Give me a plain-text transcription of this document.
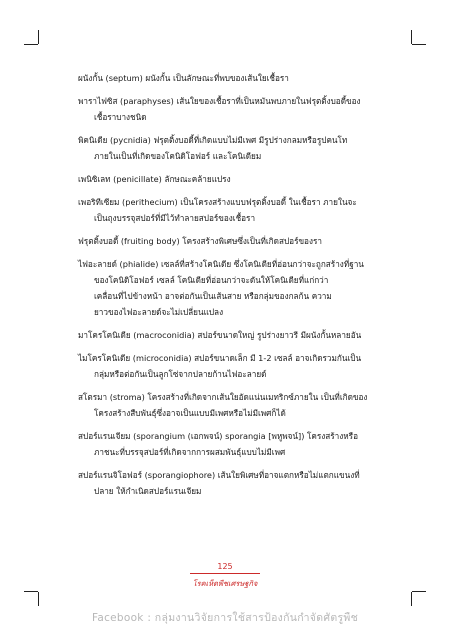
ผนังกั้น (septum) ผนังกั้น เป็นลักษณะที่พบของเส้นใยเชื้อรา
พาราไฟซิส (paraphyses) เส้นใยของเชื้อราที่เป็นหมันพบภายในฟรุตติ้งบอดี้ของ
เชื้อราบางชนิด
พิคนิเดีย (pycnidia) ฟรุตติ้งบอดี้ที่เกิดแบบไม่มีเพศ มีรูปร่างกลมหรือรูปคนโท
ภายในเป็นที่เกิดของโคนิดิโอฟอร์ และโคนิเดียม
เพนิซิเลท (penicillate) ลักษณะคล้ายแปรง
เพอริทีเซียม (perithecium) เป็นโครงสร้างแบบฟรุตติ้งบอดี้ ในเชื้อรา ภายในจะ
เป็นถุงบรรจุสปอร์ที่มีไว้ทำลายสปอร์ของเชื้อรา
ฟรุตติ้งบอดี้ (fruiting body) โครงสร้างพิเศษซึ่งเป็นที่เกิดสปอร์ของรา
ไฟอะลายด์ (phialide) เซลล์ที่สร้างโคนิเดีย ซึ่งโคนิเดียที่อ่อนกว่าจะถูกสร้างที่ฐาน
ของโคนิดิโอฟอร์ เซลล์ โคนิเดียที่อ่อนกว่าจะดันให้โคนิเดียที่แก่กว่า
เคลื่อนที่ไปข้างหน้า อาจต่อกันเป็นเส้นสาย หรือกลุ่มของกลก้น ความ
ยาวของไฟอะลายด์จะไม่เปลี่ยนแปลง
มาโครโคนิเดีย (macroconidia) สปอร์ขนาดใหญ่ รูปร่างยาวรี มีผนังกั้นหลายอัน
ไมโครโคนิเดีย (microconidia) สปอร์ขนาดเล็ก มี 1-2 เซลล์ อาจเกิดรวมกันเป็น
กลุ่มหรือต่อกันเป็นลูกโซ่จากปลายก้านไฟอะลายด์
สโตรมา (stroma) โครงสร้างที่เกิดจากเส้นใยอัดแน่นเมทริกซ์ภายใน เป็นที่เกิดของ
โครงสร้างสืบพันธุ์ซึ่งอาจเป็นแบบมีเพศหรือไม่มีเพศก็ได้
สปอร์แรนเจียม (sporangium (เอกพจน์) sporangia [พหูพจน์]) โครงสร้างหรือ
ภาชนะที่บรรจุสปอร์ที่เกิดจากการผสมพันธุ์แบบไม่มีเพศ
สปอร์แรนจิโอฟอร์ (sporangiophore) เส้นใยพิเศษที่อาจแตกหรือไม่แตกแขนงที่
ปลาย ให้กำเนิดสปอร์แรนเจียม
125
โรคเห็ดพืชเศรษฐกิจ
Facebook : กลุ่มงานวิจัยการใช้สารป้องกันกำจัดศัตรูพืช
